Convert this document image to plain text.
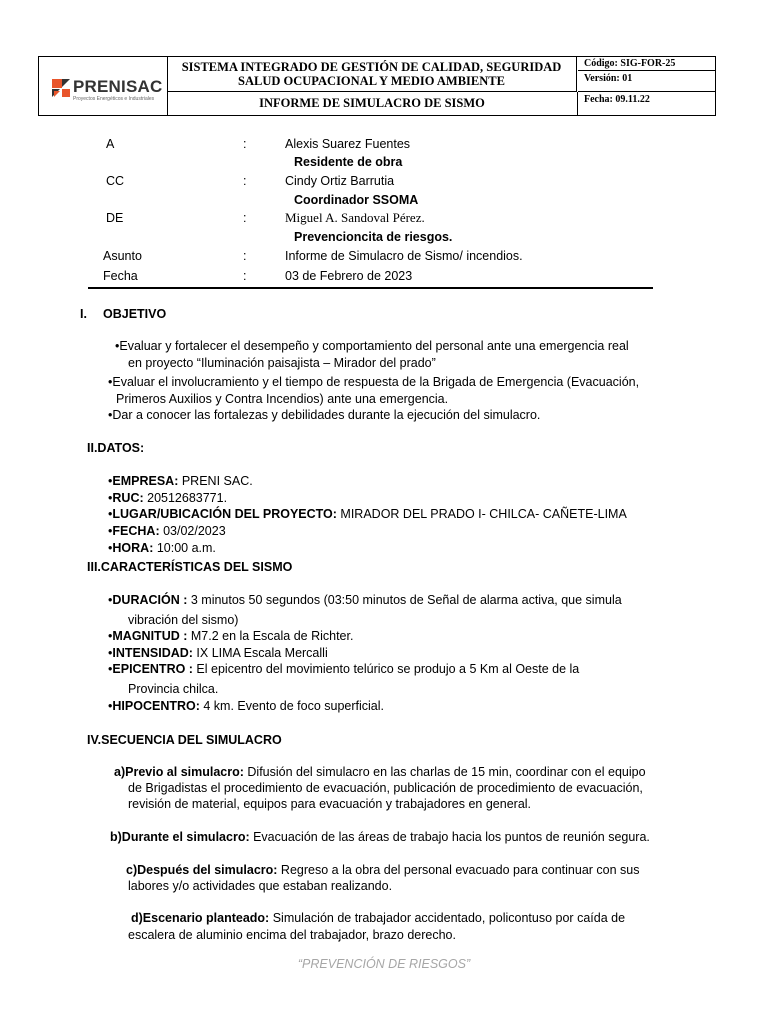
PRENISAC
Proyectos Energéticos e Industriales
SISTEMA INTEGRADO DE GESTIÓN DE CALIDAD, SEGURIDAD
SALUD OCUPACIONAL Y MEDIO AMBIENTE
INFORME DE SIMULACRO DE SISMO
Código: SIG-FOR-25
Versión: 01
Fecha: 09.11.22
A	:	Alexis Suarez Fuentes
Residente de obra
CC	:	Cindy Ortiz Barrutia
Coordinador SSOMA
DE	:	Miguel A. Sandoval Pérez.
Prevencioncita de riesgos.
Asunto	:	Informe de Simulacro de Sismo/ incendios.
Fecha	:	03 de Febrero de 2023
I. OBJETIVO
•Evaluar y fortalecer el desempeño y comportamiento del personal ante una emergencia real
en proyecto “Iluminación paisajista – Mirador del prado”
•Evaluar el involucramiento y el tiempo de respuesta de la Brigada de Emergencia (Evacuación,
Primeros Auxilios y Contra Incendios) ante una emergencia.
•Dar a conocer las fortalezas y debilidades durante la ejecución del simulacro.
II.DATOS:
•EMPRESA: PRENI SAC.
•RUC: 20512683771.
•LUGAR/UBICACIÓN DEL PROYECTO: MIRADOR DEL PRADO I- CHILCA- CAÑETE-LIMA
•FECHA: 03/02/2023
•HORA: 10:00 a.m.
III.CARACTERÍSTICAS DEL SISMO
•DURACIÓN : 3 minutos 50 segundos (03:50 minutos de Señal de alarma activa, que simula
vibración del sismo)
•MAGNITUD : M7.2 en la Escala de Richter.
•INTENSIDAD: IX LIMA Escala Mercalli
•EPICENTRO : El epicentro del movimiento telúrico se produjo a 5 Km al Oeste de la
Provincia chilca.
•HIPOCENTRO: 4 km. Evento de foco superficial.
IV.SECUENCIA DEL SIMULACRO
a)Previo al simulacro: Difusión del simulacro en las charlas de 15 min, coordinar con el equipo
de Brigadistas el procedimiento de evacuación, publicación de procedimiento de evacuación,
revisión de material, equipos para evacuación y trabajadores en general.
b)Durante el simulacro: Evacuación de las áreas de trabajo hacia los puntos de reunión segura.
c)Después del simulacro: Regreso a la obra del personal evacuado para continuar con sus
labores y/o actividades que estaban realizando.
d)Escenario planteado: Simulación de trabajador accidentado, policontuso por caída de
escalera de aluminio encima del trabajador, brazo derecho.
“PREVENCIÓN DE RIESGOS”
